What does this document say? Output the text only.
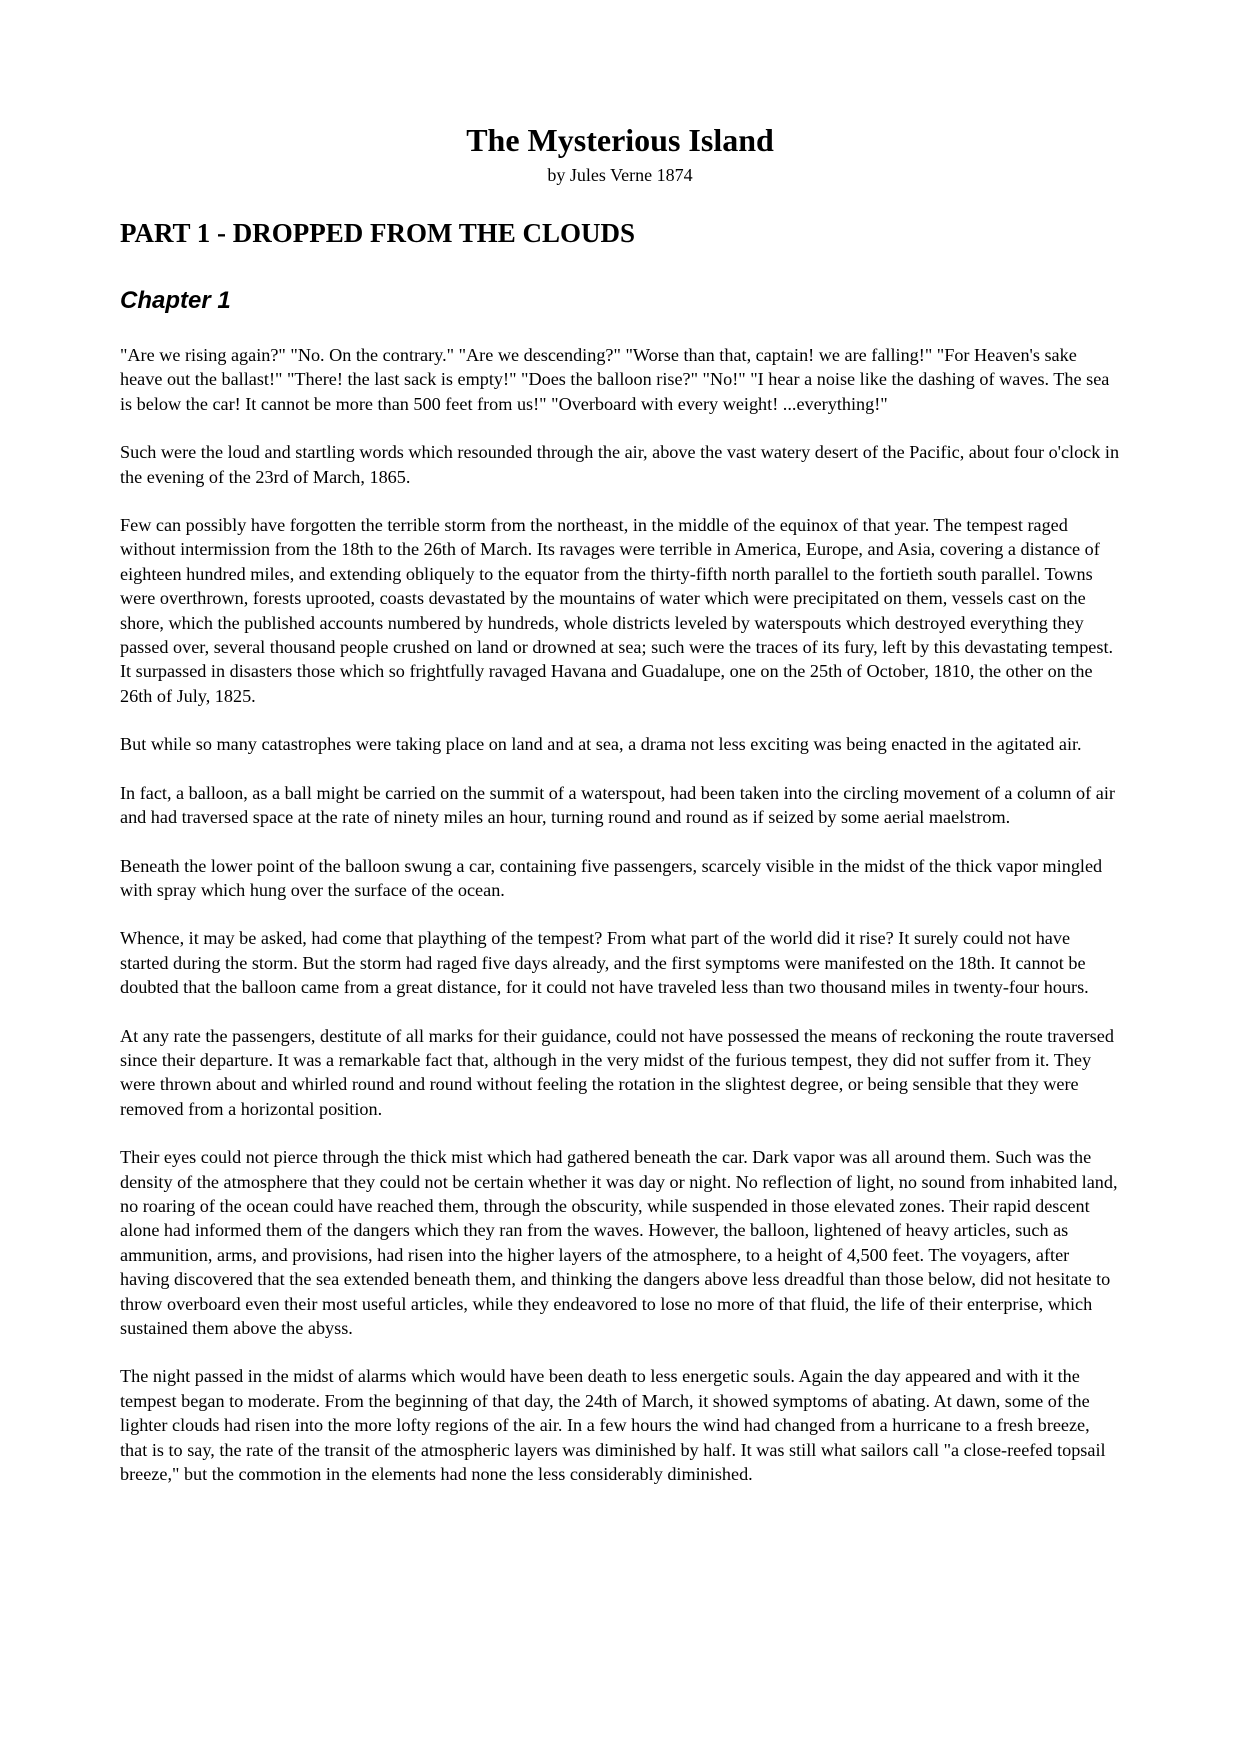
The Mysterious Island

by Jules Verne 1874

PART 1 - DROPPED FROM THE CLOUDS
Chapter 1

"Are we rising again?" "No. On the contrary." "Are we descending?" "Worse than that, captain! we are falling!" "For Heaven's sake heave out the ballast!" "There! the last sack is empty!" "Does the balloon rise?" "No!" "I hear a noise like the dashing of waves. The sea is below the car! It cannot be more than 500 feet from us!" "Overboard with every weight! ...everything!"

Such were the loud and startling words which resounded through the air, above the vast watery desert of the Pacific, about four o'clock in the evening of the 23rd of March, 1865.

Few can possibly have forgotten the terrible storm from the northeast, in the middle of the equinox of that year. The tempest raged without intermission from the 18th to the 26th of March. Its ravages were terrible in America, Europe, and Asia, covering a distance of eighteen hundred miles, and extending obliquely to the equator from the thirty-fifth north parallel to the fortieth south parallel. Towns were overthrown, forests uprooted, coasts devastated by the mountains of water which were precipitated on them, vessels cast on the shore, which the published accounts numbered by hundreds, whole districts leveled by waterspouts which destroyed everything they passed over, several thousand people crushed on land or drowned at sea; such were the traces of its fury, left by this devastating tempest. It surpassed in disasters those which so frightfully ravaged Havana and Guadalupe, one on the 25th of October, 1810, the other on the 26th of July, 1825.

But while so many catastrophes were taking place on land and at sea, a drama not less exciting was being enacted in the agitated air.

In fact, a balloon, as a ball might be carried on the summit of a waterspout, had been taken into the circling movement of a column of air and had traversed space at the rate of ninety miles an hour, turning round and round as if seized by some aerial maelstrom.

Beneath the lower point of the balloon swung a car, containing five passengers, scarcely visible in the midst of the thick vapor mingled with spray which hung over the surface of the ocean.

Whence, it may be asked, had come that plaything of the tempest? From what part of the world did it rise? It surely could not have started during the storm. But the storm had raged five days already, and the first symptoms were manifested on the 18th. It cannot be doubted that the balloon came from a great distance, for it could not have traveled less than two thousand miles in twenty-four hours.

At any rate the passengers, destitute of all marks for their guidance, could not have possessed the means of reckoning the route traversed since their departure. It was a remarkable fact that, although in the very midst of the furious tempest, they did not suffer from it. They were thrown about and whirled round and round without feeling the rotation in the slightest degree, or being sensible that they were removed from a horizontal position.

Their eyes could not pierce through the thick mist which had gathered beneath the car. Dark vapor was all around them. Such was the density of the atmosphere that they could not be certain whether it was day or night. No reflection of light, no sound from inhabited land, no roaring of the ocean could have reached them, through the obscurity, while suspended in those elevated zones. Their rapid descent alone had informed them of the dangers which they ran from the waves. However, the balloon, lightened of heavy articles, such as ammunition, arms, and provisions, had risen into the higher layers of the atmosphere, to a height of 4,500 feet. The voyagers, after having discovered that the sea extended beneath them, and thinking the dangers above less dreadful than those below, did not hesitate to throw overboard even their most useful articles, while they endeavored to lose no more of that fluid, the life of their enterprise, which sustained them above the abyss.

The night passed in the midst of alarms which would have been death to less energetic souls. Again the day appeared and with it the tempest began to moderate. From the beginning of that day, the 24th of March, it showed symptoms of abating. At dawn, some of the lighter clouds had risen into the more lofty regions of the air. In a few hours the wind had changed from a hurricane to a fresh breeze, that is to say, the rate of the transit of the atmospheric layers was diminished by half. It was still what sailors call "a close-reefed topsail breeze," but the commotion in the elements had none the less considerably diminished.
